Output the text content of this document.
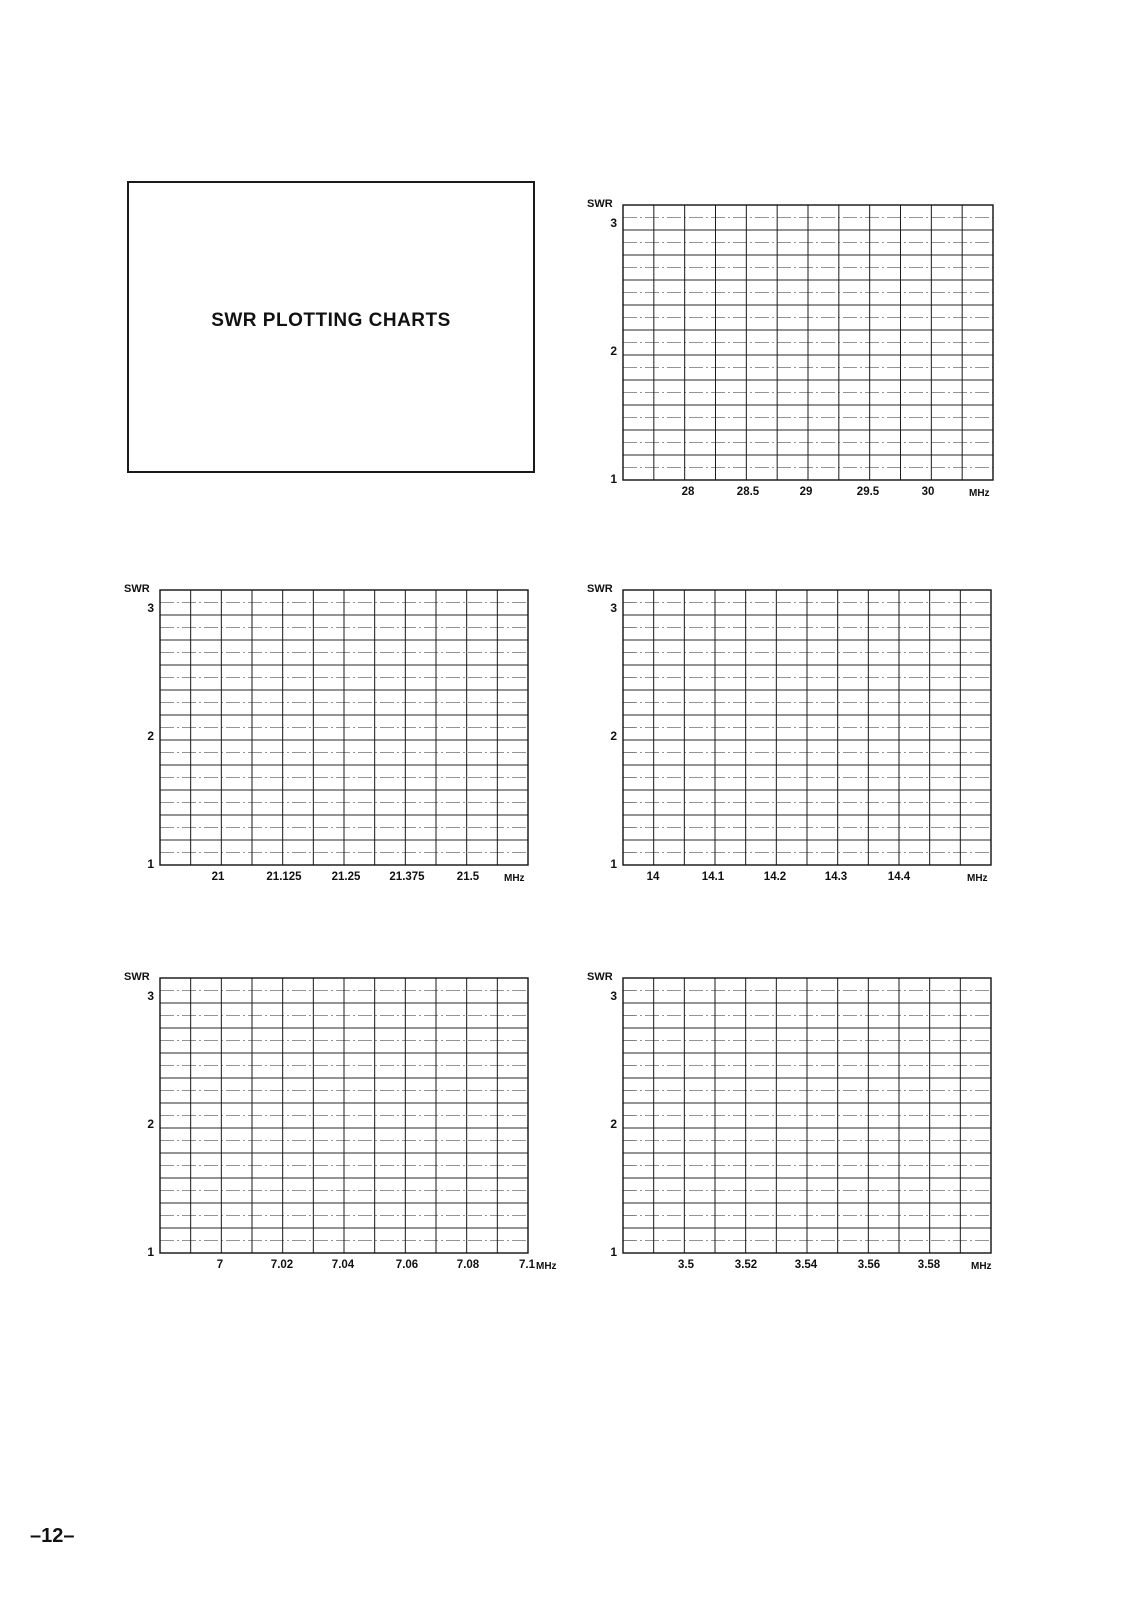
SWR PLOTTING CHARTS
SWR
3
2
1
28	28.5	29	29.5	30	MHz
SWR
3
2
1
21	21.125	21.25	21.375	21.5 MHz
SWR
3
2
1
14	14.1	14.2	14.3	14.4	MHz
SWR
3
2
1
7	7.02	7.04	7.06	7.08	7.1 MHz
SWR
3
2
1
3.5	3.52	3.54	3.56	3.58	MHz
–12–
